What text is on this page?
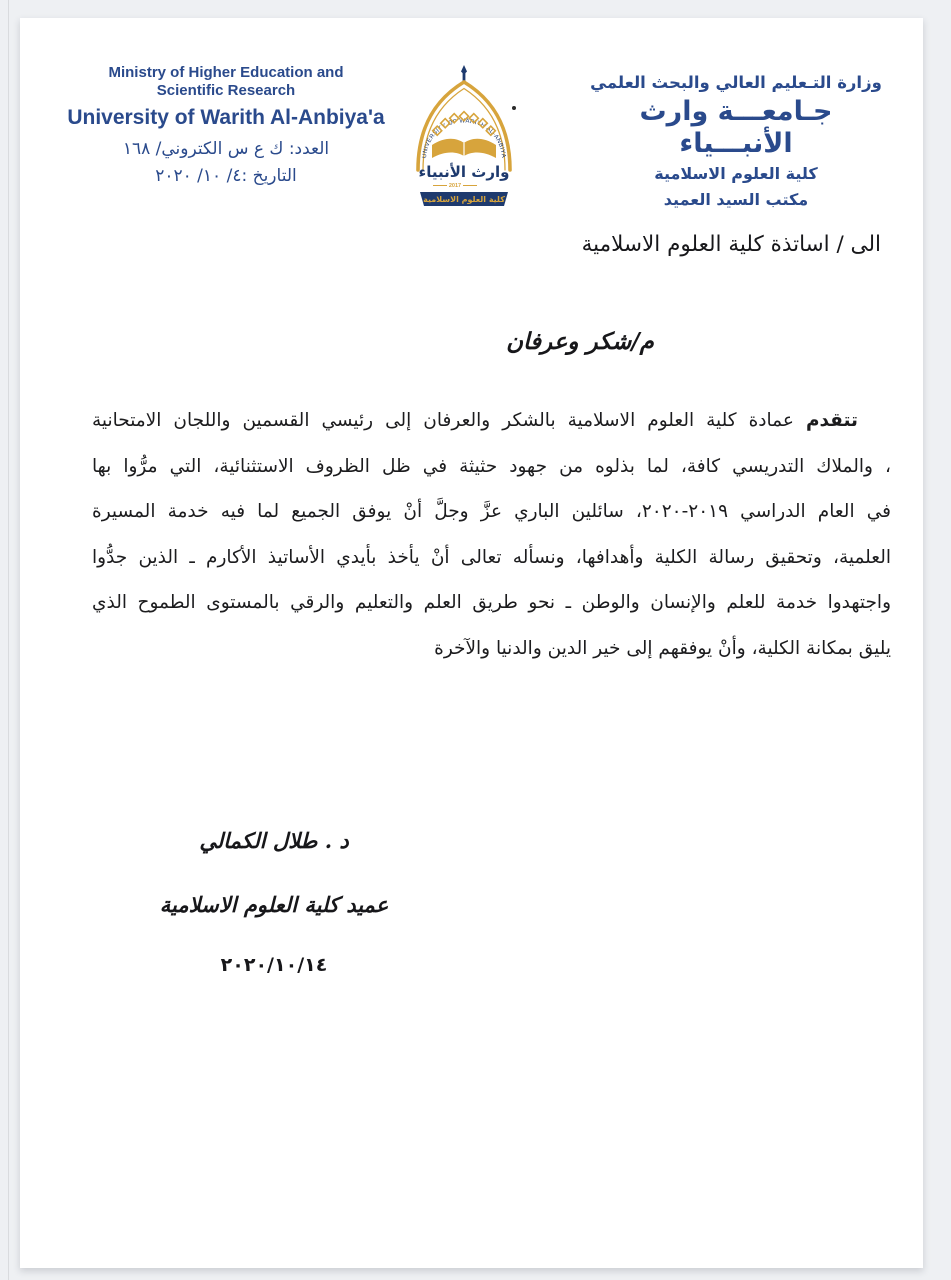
Ministry of Higher Education and
Scientific Research
University of Warith Al-Anbiya'a
العدد: ك ع س الكتروني/ ١٦٨
التاريخ :٤/ ١٠/ ٢٠٢٠
UNIVERSITY OF WARITH AL-ANBIYA
وارث الأنبياء
2017
كلية العلوم الاسلامية
وزارة التـعليم العالي والبحث العلمي
جـامعـــة وارث الأنبـــياء
كلية العلوم الاسلامية
مكتب السيد العميد
الى / اساتذة كلية العلوم الاسلامية
م/شكر وعرفان
تتقدم عمادة كلية العلوم الاسلامية بالشكر والعرفان إلى رئيسي القسمين واللجان الامتحانية
، والملاك التدريسي كافة، لما بذلوه من جهود حثيثة في ظل الظروف الاستثنائية، التي مرُّوا بها
في العام الدراسي ٢٠١٩-٢٠٢٠، سائلين الباري عزَّ وجلَّ أنْ يوفق الجميع لما فيه خدمة المسيرة
العلمية، وتحقيق رسالة الكلية وأهدافها، ونسأله تعالى أنْ يأخذ بأيدي الأساتيذ الأكارم ـ الذين جدُّوا
واجتهدوا خدمة للعلم والإنسان والوطن ـ نحو طريق العلم والتعليم والرقي بالمستوى الطموح الذي
يليق بمكانة الكلية، وأنْ يوفقهم إلى خير الدين والدنيا والآخرة
د . طلال الكمالي
عميد كلية العلوم الاسلامية
٢٠٢٠/١٠/١٤
